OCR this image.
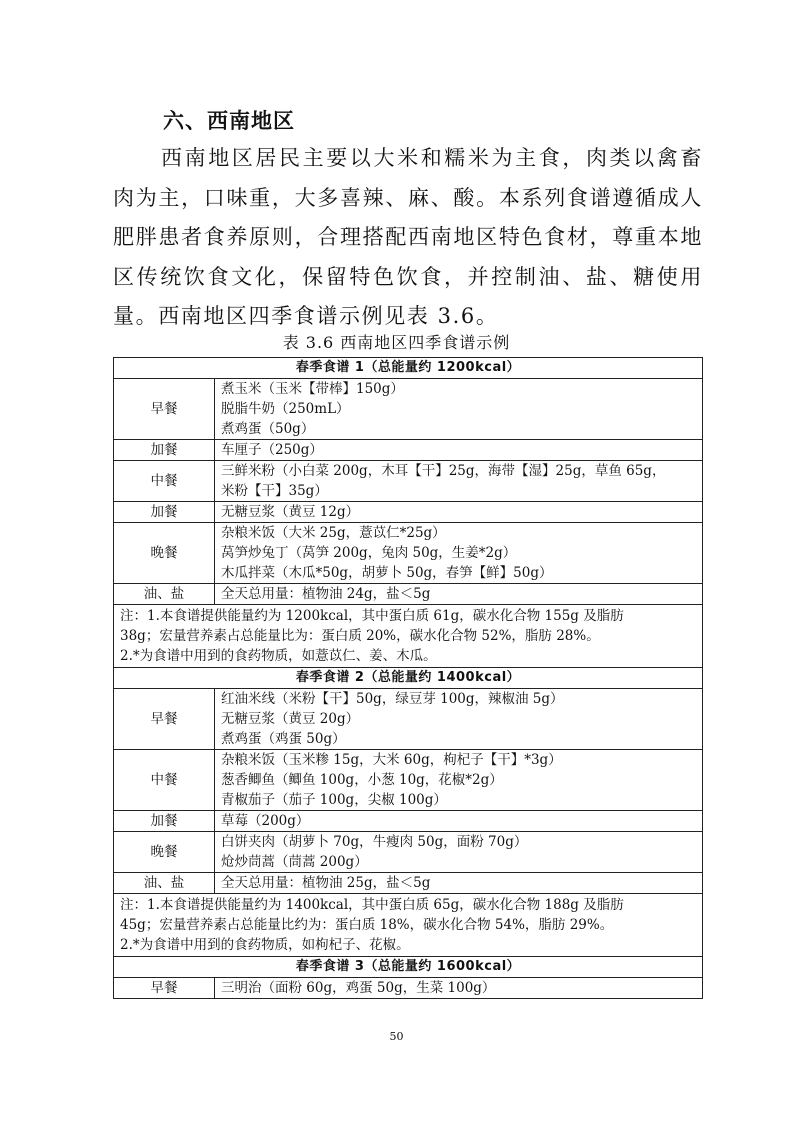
六、西南地区

西南地区居民主要以大米和糯米为主食，肉类以禽畜肉为主，口味重，大多喜辣、麻、酸。本系列食谱遵循成人肥胖患者食养原则，合理搭配西南地区特色食材，尊重本地区传统饮食文化，保留特色饮食，并控制油、盐、糖使用量。西南地区四季食谱示例见表 3.6。

表 3.6 西南地区四季食谱示例
春季食谱 1（总能量约 1200kcal）	
早餐	煮玉米（玉米【带棒】150g）
脱脂牛奶（250mL）
煮鸡蛋（50g）

加餐	车厘子（250g）

中餐	三鲜米粉（小白菜 200g，木耳【干】25g，海带【湿】25g，草鱼 65g，
米粉【干】35g）

加餐	无糖豆浆（黄豆 12g）

晚餐	杂粮米饭（大米 25g，薏苡仁*25g）
莴笋炒兔丁（莴笋 200g，兔肉 50g，生姜*2g）
木瓜拌菜（木瓜*50g，胡萝卜 50g，春笋【鲜】50g）

油、盐	全天总用量：植物油 24g，盐＜5g

注：1.本食谱提供能量约为 1200kcal，其中蛋白质 61g，碳水化合物 155g 及脂肪
38g；宏量营养素占总能量比为：蛋白质 20%，碳水化合物 52%，脂肪 28%。
2.*为食谱中用到的食药物质，如薏苡仁、姜、木瓜。	

春季食谱 2（总能量约 1400kcal）	
早餐	红油米线（米粉【干】50g，绿豆芽 100g，辣椒油 5g）
无糖豆浆（黄豆 20g）
煮鸡蛋（鸡蛋 50g）

中餐	杂粮米饭（玉米糁 15g，大米 60g，枸杞子【干】*3g）
葱香鲫鱼（鲫鱼 100g，小葱 10g，花椒*2g）
青椒茄子（茄子 100g，尖椒 100g）

加餐	草莓（200g）

晚餐	白饼夹肉（胡萝卜 70g，牛瘦肉 50g，面粉 70g）
炝炒茼蒿（茼蒿 200g）

油、盐	全天总用量：植物油 25g，盐＜5g

注：1.本食谱提供能量约为 1400kcal，其中蛋白质 65g，碳水化合物 188g 及脂肪
45g；宏量营养素占总能量比约为：蛋白质 18%，碳水化合物 54%，脂肪 29%。
2.*为食谱中用到的食药物质，如枸杞子、花椒。	

春季食谱 3（总能量约 1600kcal）	
早餐	三明治（面粉 60g，鸡蛋 50g，生菜 100g）
50
